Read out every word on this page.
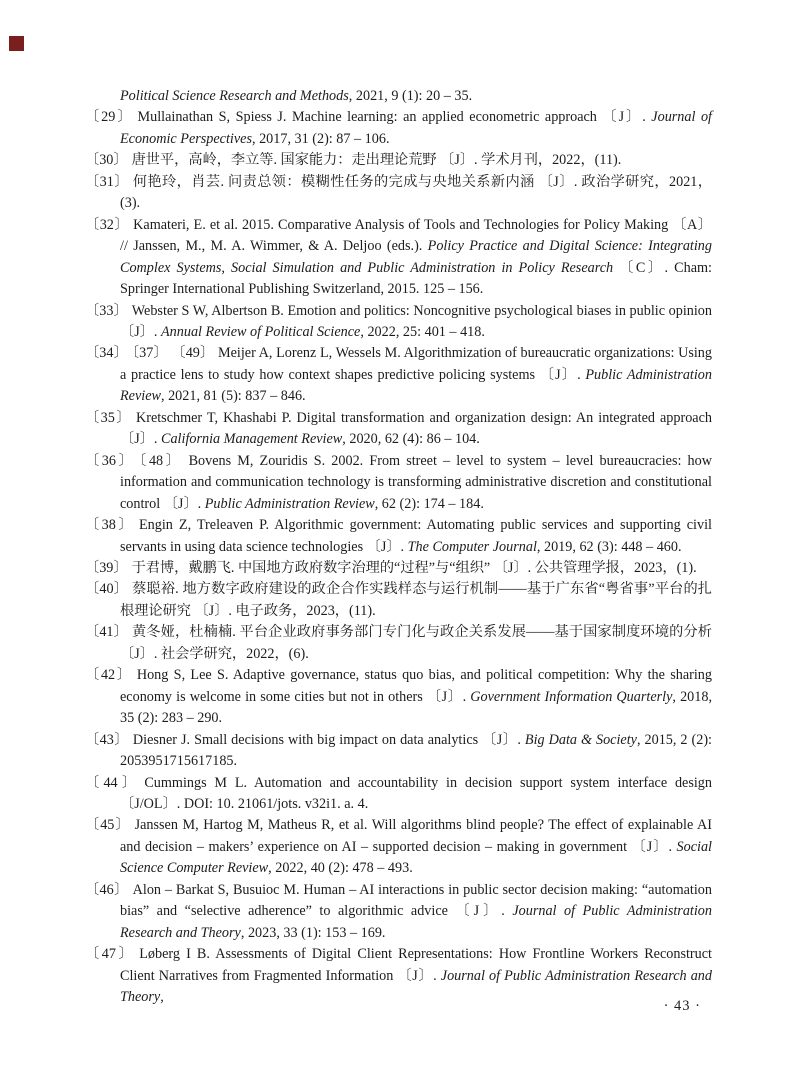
Political Science Research and Methods, 2021, 9 (1): 20 – 35.
〔29〕 Mullainathan S, Spiess J. Machine learning: an applied econometric approach 〔J〕. Journal of Economic Perspectives, 2017, 31 (2): 87 – 106.
〔30〕 唐世平，高岭，李立等. 国家能力：走出理论荒野 〔J〕. 学术月刊，2022，(11).
〔31〕 何艳玲，肖芸. 问责总领：模糊性任务的完成与央地关系新内涵 〔J〕. 政治学研究，2021，(3).
〔32〕 Kamateri, E. et al. 2015. Comparative Analysis of Tools and Technologies for Policy Making 〔A〕 // Janssen, M., M. A. Wimmer, & A. Deljoo (eds.). Policy Practice and Digital Science: Integrating Complex Systems, Social Simulation and Public Administration in Policy Research 〔C〕. Cham: Springer International Publishing Switzerland, 2015. 125 – 156.
〔33〕 Webster S W, Albertson B. Emotion and politics: Noncognitive psychological biases in public opinion 〔J〕. Annual Review of Political Science, 2022, 25: 401 – 418.
〔34〕 〔37〕 〔49〕 Meijer A, Lorenz L, Wessels M. Algorithmization of bureaucratic organizations: Using a practice lens to study how context shapes predictive policing systems 〔J〕. Public Administration Review, 2021, 81 (5): 837 – 846.
〔35〕 Kretschmer T, Khashabi P. Digital transformation and organization design: An integrated approach 〔J〕. California Management Review, 2020, 62 (4): 86 – 104.
〔36〕 〔48〕 Bovens M, Zouridis S. 2002. From street – level to system – level bureaucracies: how information and communication technology is transforming administrative discretion and constitutional control 〔J〕. Public Administration Review, 62 (2): 174 – 184.
〔38〕 Engin Z, Treleaven P. Algorithmic government: Automating public services and supporting civil servants in using data science technologies 〔J〕. The Computer Journal, 2019, 62 (3): 448 – 460.
〔39〕 于君博，戴鹏飞. 中国地方政府数字治理的“过程”与“组织” 〔J〕. 公共管理学报，2023，(1).
〔40〕 蔡聪裕. 地方数字政府建设的政企合作实践样态与运行机制——基于广东省“粤省事”平台的扎根理论研究 〔J〕. 电子政务，2023，(11).
〔41〕 黄冬娅，杜楠楠. 平台企业政府事务部门专门化与政企关系发展——基于国家制度环境的分析 〔J〕. 社会学研究，2022，(6).
〔42〕 Hong S, Lee S. Adaptive governance, status quo bias, and political competition: Why the sharing economy is welcome in some cities but not in others 〔J〕. Government Information Quarterly, 2018, 35 (2): 283 – 290.
〔43〕 Diesner J. Small decisions with big impact on data analytics 〔J〕. Big Data & Society, 2015, 2 (2): 2053951715617185.
〔44〕 Cummings M L. Automation and accountability in decision support system interface design 〔J/OL〕. DOI: 10. 21061/jots. v32i1. a. 4.
〔45〕 Janssen M, Hartog M, Matheus R, et al. Will algorithms blind people? The effect of explainable AI and decision – makers’ experience on AI – supported decision – making in government 〔J〕. Social Science Computer Review, 2022, 40 (2): 478 – 493.
〔46〕 Alon – Barkat S, Busuioc M. Human – AI interactions in public sector decision making: “automation bias” and “selective adherence” to algorithmic advice 〔J〕. Journal of Public Administration Research and Theory, 2023, 33 (1): 153 – 169.
〔47〕 Løberg I B. Assessments of Digital Client Representations: How Frontline Workers Reconstruct Client Narratives from Fragmented Information 〔J〕. Journal of Public Administration Research and Theory,
· 43 ·
